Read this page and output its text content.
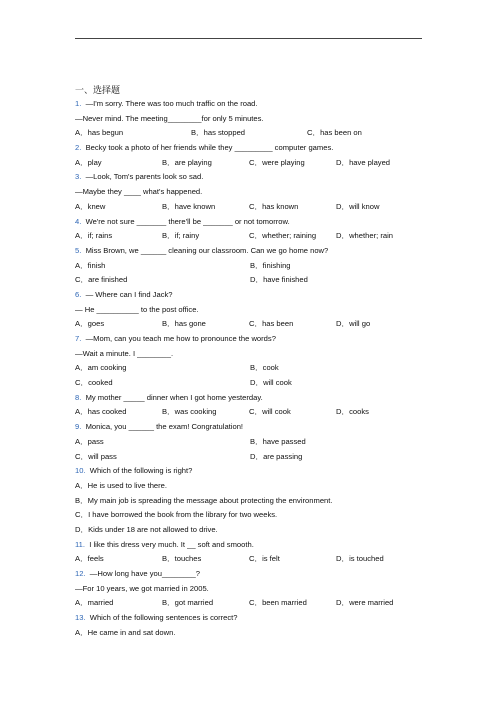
一、选择题
1.  —I'm sorry. There was too much traffic on the road.
—Never mind. The meeting________for only 5 minutes.
A．has begun	B．has stopped	C．has been on
2.  Becky took a photo of her friends while they _________ computer games.
A．play	B．are playing	C．were playing	D．have played
3.  —Look, Tom's parents look so sad.
—Maybe they ____ what's happened.
A．knew	B．have known	C．has known	D．will know
4.  We're not sure _______ there'll be _______ or not tomorrow.
A．if; rains	B．if; rainy	C．whether; raining	D．whether; rain
5.  Miss Brown, we ______ cleaning our classroom. Can we go home now?
A．finish	B．finishing
C．are finished	D．have finished
6.  — Where can I find Jack?
— He __________ to the post office.
A．goes	B．has gone	C．has been	D．will go
7.  —Mom, can you teach me how to pronounce the words?
—Wait a minute. I ________.
A．am cooking	B．cook
C．cooked	D．will cook
8.  My mother _____ dinner when I got home yesterday.
A．has cooked	B．was cooking	C．will cook	D．cooks
9.  Monica, you ______ the exam! Congratulation!
A．pass	B．have passed
C．will pass	D．are passing
10.  Which of the following is right?
A．He is used to live there.
B．My main job is spreading the message about protecting the environment.
C．I have borrowed the book from the library for two weeks.
D．Kids under 18 are not allowed to drive.
11.  I like this dress very much. It __ soft and smooth.
A．feels	B．touches	C．is felt	D．is touched
12.  —How long have you________?
—For 10 years, we got married in 2005.
A．married	B．got married	C．been married	D．were married
13.  Which of the following sentences is correct?
A．He came in and sat down.
